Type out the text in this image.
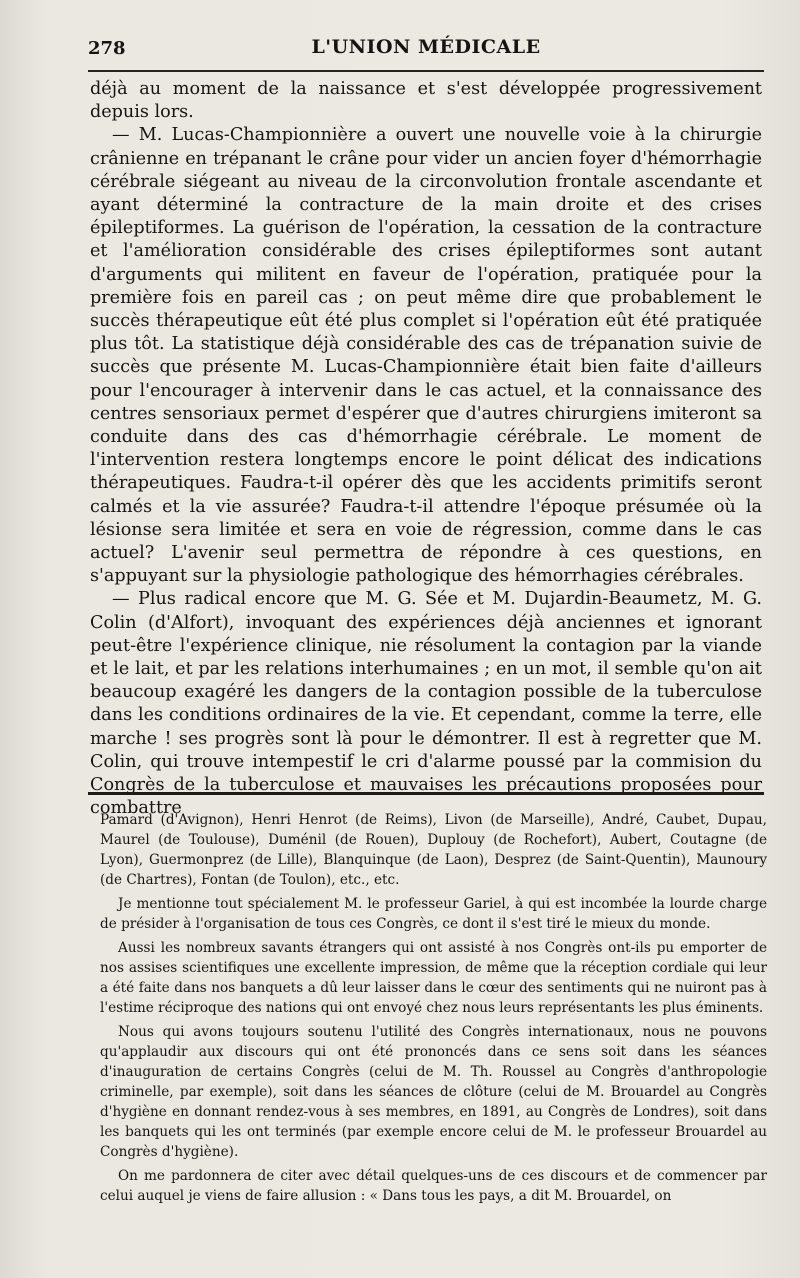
278	L'UNION MÉDICALE

déjà au moment de la naissance et s'est développée progressivement depuis lors.

— M. Lucas-Championnière a ouvert une nouvelle voie à la chirurgie crânienne en trépanant le crâne pour vider un ancien foyer d'hémorrhagie cérébrale siégeant au niveau de la circonvolution frontale ascendante et ayant déterminé la contracture de la main droite et des crises épileptiformes. La guérison de l'opération, la cessation de la contracture et l'amélioration considérable des crises épileptiformes sont autant d'arguments qui militent en faveur de l'opération, pratiquée pour la première fois en pareil cas ; on peut même dire que probablement le succès thérapeutique eût été plus complet si l'opération eût été pratiquée plus tôt. La statistique déjà considérable des cas de trépanation suivie de succès que présente M. Lucas-Championnière était bien faite d'ailleurs pour l'encourager à intervenir dans le cas actuel, et la connaissance des centres sensoriaux permet d'espérer que d'autres chirurgiens imiteront sa conduite dans des cas d'hémorrhagie cérébrale. Le moment de l'intervention restera longtemps encore le point délicat des indications thérapeutiques. Faudra-t-il opérer dès que les accidents primitifs seront calmés et la vie assurée? Faudra-t-il attendre l'époque présumée où la lésionse sera limitée et sera en voie de régression, comme dans le cas actuel? L'avenir seul permettra de répondre à ces questions, en s'appuyant sur la physiologie pathologique des hémorrhagies cérébrales.

— Plus radical encore que M. G. Sée et M. Dujardin-Beaumetz, M. G. Colin (d'Alfort), invoquant des expériences déjà anciennes et ignorant peut-être l'expérience clinique, nie résolument la contagion par la viande et le lait, et par les relations interhumaines ; en un mot, il semble qu'on ait beaucoup exagéré les dangers de la contagion possible de la tuberculose dans les conditions ordinaires de la vie. Et cependant, comme la terre, elle marche ! ses progrès sont là pour le démontrer. Il est à regretter que M. Colin, qui trouve intempestif le cri d'alarme poussé par la commision du Congrès de la tuberculose et mauvaises les précautions proposées pour combattre

Pamard (d'Avignon), Henri Henrot (de Reims), Livon (de Marseille), André, Caubet, Dupau, Maurel (de Toulouse), Duménil (de Rouen), Duplouy (de Rochefort), Aubert, Coutagne (de Lyon), Guermonprez (de Lille), Blanquinque (de Laon), Desprez (de Saint-Quentin), Maunoury (de Chartres), Fontan (de Toulon), etc., etc.

Je mentionne tout spécialement M. le professeur Gariel, à qui est incombée la lourde charge de présider à l'organisation de tous ces Congrès, ce dont il s'est tiré le mieux du monde.

Aussi les nombreux savants étrangers qui ont assisté à nos Congrès ont-ils pu emporter de nos assises scientifiques une excellente impression, de même que la réception cordiale qui leur a été faite dans nos banquets a dû leur laisser dans le cœur des sentiments qui ne nuiront pas à l'estime réciproque des nations qui ont envoyé chez nous leurs représentants les plus éminents.

Nous qui avons toujours soutenu l'utilité des Congrès internationaux, nous ne pouvons qu'applaudir aux discours qui ont été prononcés dans ce sens soit dans les séances d'inauguration de certains Congrès (celui de M. Th. Roussel au Congrès d'anthropologie criminelle, par exemple), soit dans les séances de clôture (celui de M. Brouardel au Congrès d'hygiène en donnant rendez-vous à ses membres, en 1891, au Congrès de Londres), soit dans les banquets qui les ont terminés (par exemple encore celui de M. le professeur Brouardel au Congrès d'hygiène).

On me pardonnera de citer avec détail quelques-uns de ces discours et de commencer par celui auquel je viens de faire allusion : « Dans tous les pays, a dit M. Brouardel, on
